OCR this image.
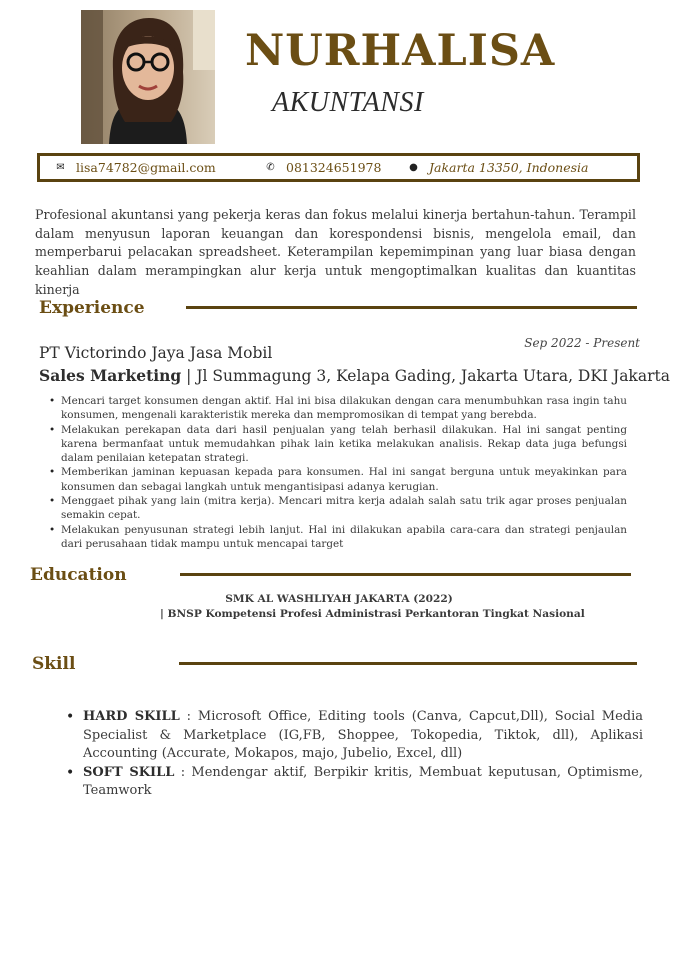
NURHALISA
AKUNTANSI
✉ lisa74782@gmail.com	✆ 081324651978	● Jakarta 13350, Indonesia
Profesional akuntansi yang pekerja keras dan fokus melalui kinerja bertahun-tahun. Terampil dalam menyusun laporan keuangan dan korespondensi bisnis, mengelola email, dan memperbarui pelacakan spreadsheet. Keterampilan kepemimpinan yang luar biasa dengan keahlian dalam merampingkan alur kerja untuk mengoptimalkan kualitas dan kuantitas kinerja
Experience
Sep 2022 - Present
PT Victorindo Jaya Jasa Mobil
Sales Marketing | Jl Summagung 3, Kelapa Gading, Jakarta Utara, DKI Jakarta
• Mencari target konsumen dengan aktif. Hal ini bisa dilakukan dengan cara menumbuhkan rasa ingin tahu konsumen, mengenali karakteristik mereka dan mempromosikan di tempat yang berebda.
• Melakukan perekapan data dari hasil penjualan yang telah berhasil dilakukan. Hal ini sangat penting karena bermanfaat untuk memudahkan pihak lain ketika melakukan analisis. Rekap data juga befungsi dalam penilaian ketepatan strategi.
• Memberikan jaminan kepuasan kepada para konsumen. Hal ini sangat berguna untuk meyakinkan para konsumen dan sebagai langkah untuk mengantisipasi adanya kerugian.
• Menggaet pihak yang lain (mitra kerja). Mencari mitra kerja adalah salah satu trik agar proses penjualan semakin cepat.
• Melakukan penyusunan strategi lebih lanjut. Hal ini dilakukan apabila cara-cara dan strategi penjaulan dari perusahaan tidak mampu untuk mencapai target
Education
SMK AL WASHLIYAH JAKARTA (2022)
| BNSP Kompetensi Profesi Administrasi Perkantoran Tingkat Nasional
Skill
• HARD SKILL : Microsoft Office, Editing tools (Canva, Capcut,Dll), Social Media Specialist & Marketplace (IG,FB, Shoppee, Tokopedia, Tiktok, dll), Aplikasi Accounting (Accurate, Mokapos, majo, Jubelio, Excel, dll)
• SOFT SKILL : Mendengar aktif, Berpikir kritis, Membuat keputusan, Optimisme, Teamwork
